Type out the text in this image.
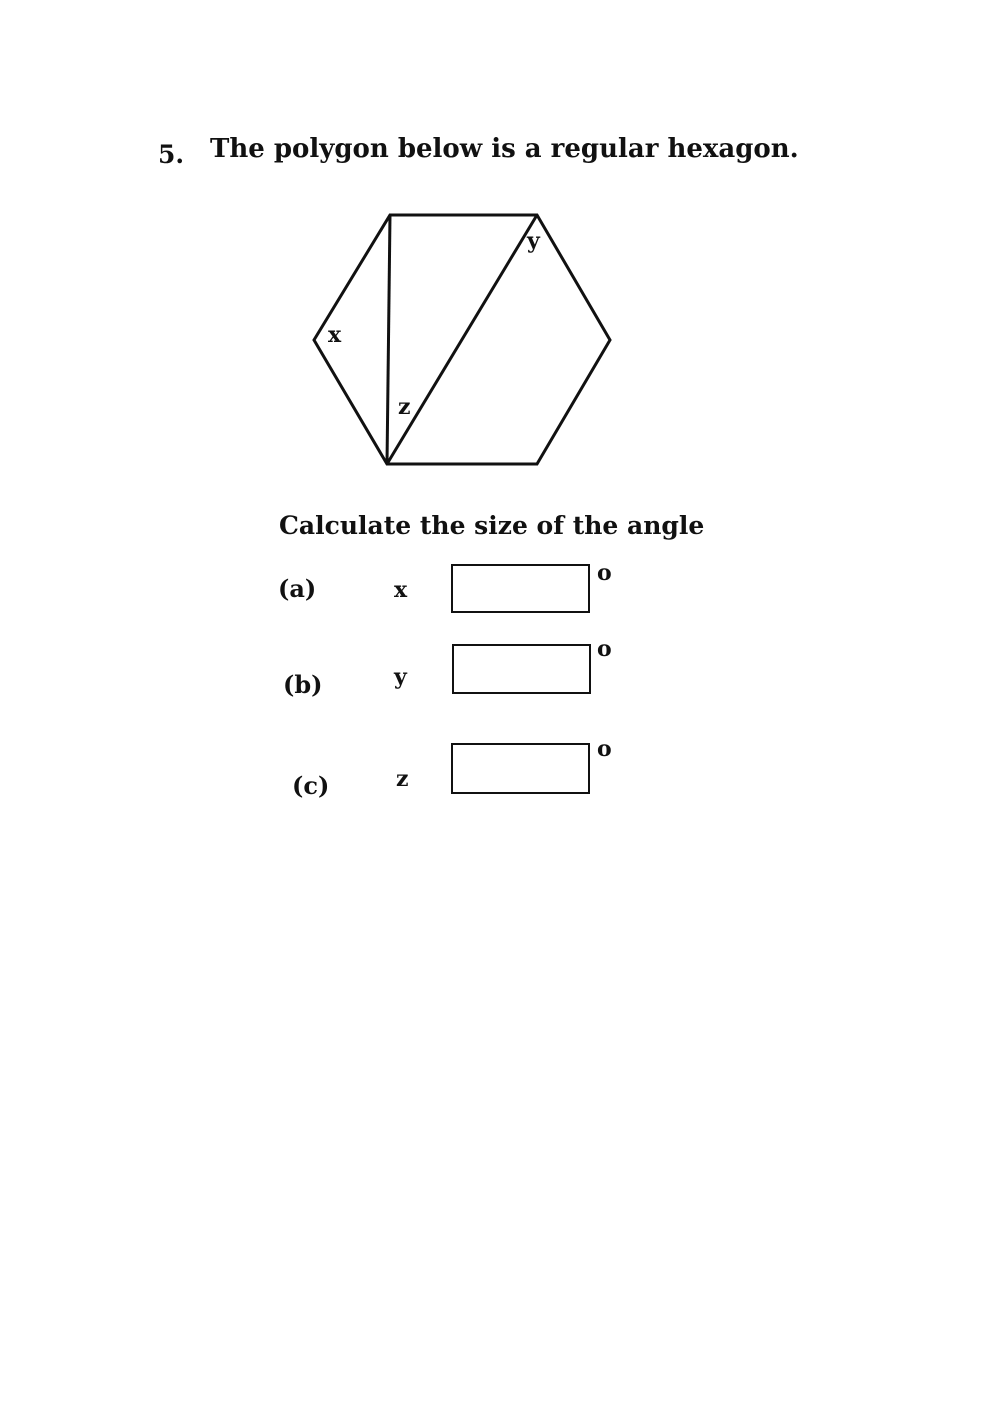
5. The polygon below is a regular hexagon.
x
y
z
Calculate the size of the angle
(a)	x
o
(b)	y
o
(c)	z
o
